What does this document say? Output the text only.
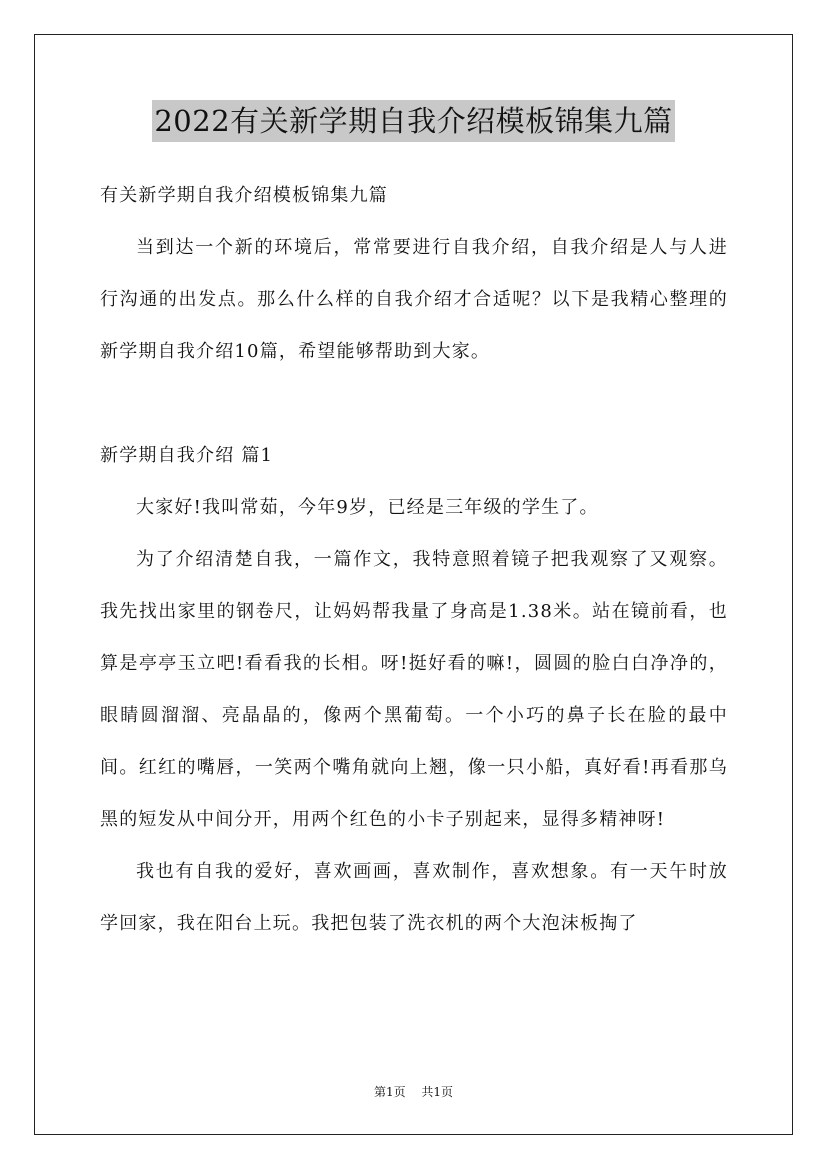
2022有关新学期自我介绍模板锦集九篇

有关新学期自我介绍模板锦集九篇

当到达一个新的环境后，常常要进行自我介绍，自我介绍是人与人进行沟通的出发点。那么什么样的自我介绍才合适呢？以下是我精心整理的新学期自我介绍10篇，希望能够帮助到大家。

新学期自我介绍 篇1

大家好!我叫常茹，今年9岁，已经是三年级的学生了。

为了介绍清楚自我，一篇作文，我特意照着镜子把我观察了又观察。我先找出家里的钢卷尺，让妈妈帮我量了身高是1.38米。站在镜前看，也算是亭亭玉立吧!看看我的长相。呀!挺好看的嘛!，圆圆的脸白白净净的，眼睛圆溜溜、亮晶晶的，像两个黑葡萄。一个小巧的鼻子长在脸的最中间。红红的嘴唇，一笑两个嘴角就向上翘，像一只小船，真好看!再看那乌黑的短发从中间分开，用两个红色的小卡子别起来，显得多精神呀!

我也有自我的爱好，喜欢画画，喜欢制作，喜欢想象。有一天午时放学回家，我在阳台上玩。我把包装了洗衣机的两个大泡沫板掏了

第1页 共1页
